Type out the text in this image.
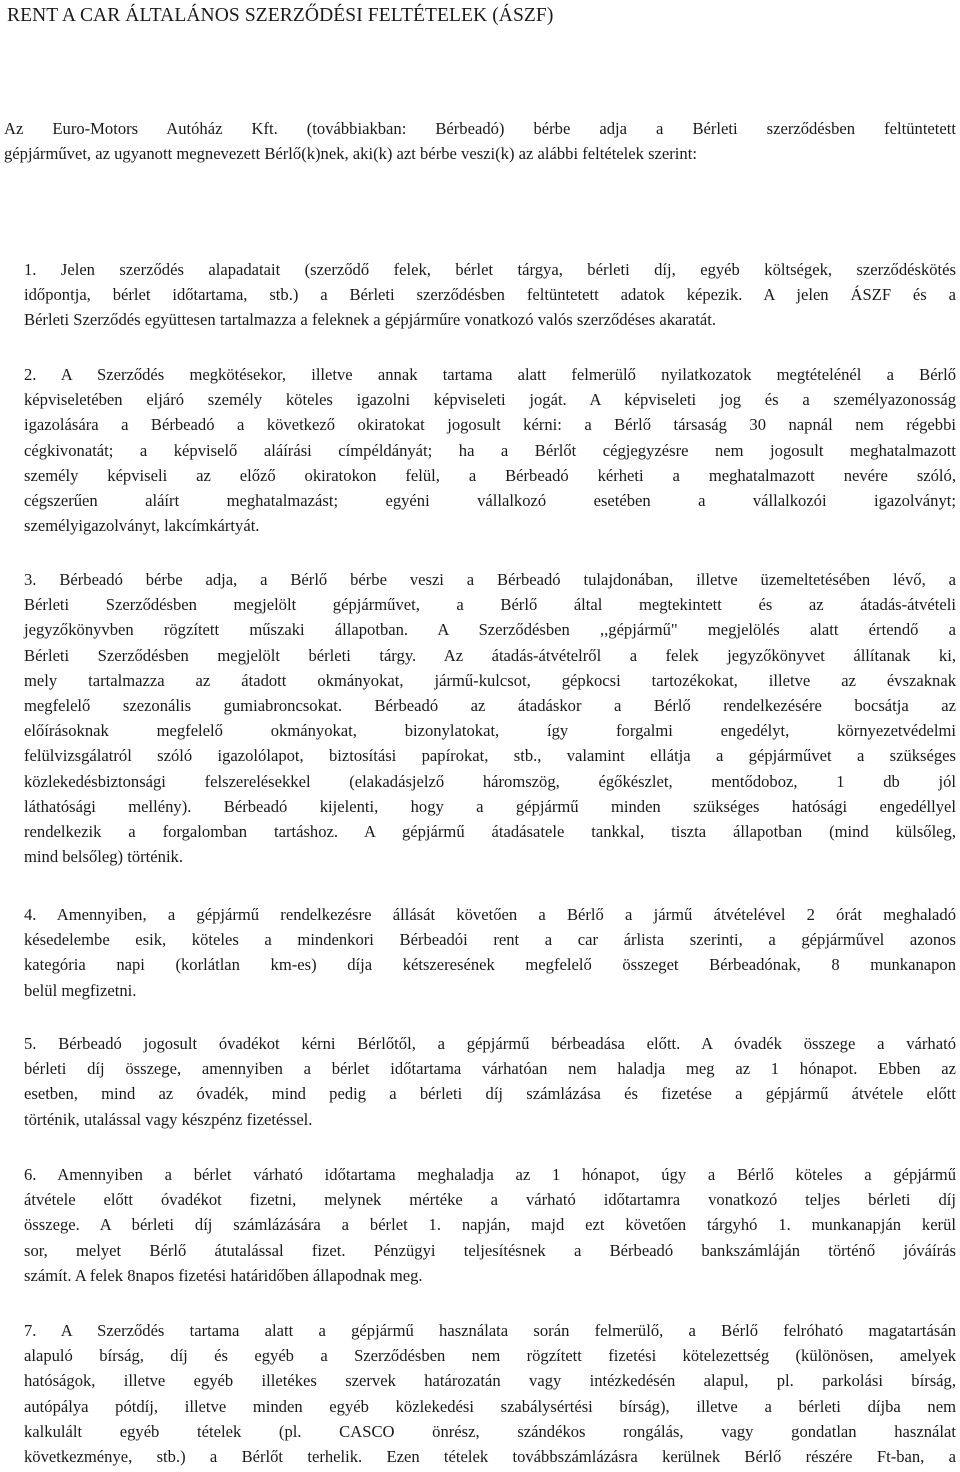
RENT A CAR ÁLTALÁNOS SZERZŐDÉSI FELTÉTELEK (ÁSZF)

Az Euro-Motors Autóház Kft. (továbbiakban: Bérbeadó) bérbe adja a Bérleti szerződésben feltüntetett
gépjárművet, az ugyanott megnevezett Bérlő(k)nek, aki(k) azt bérbe veszi(k) az alábbi feltételek szerint:

1. Jelen szerződés alapadatait (szerződő felek, bérlet tárgya, bérleti díj, egyéb költségek, szerződéskötés
időpontja, bérlet időtartama, stb.) a Bérleti szerződésben feltüntetett adatok képezik. A jelen ÁSZF és a
Bérleti Szerződés együttesen tartalmazza a feleknek a gépjárműre vonatkozó valós szerződéses akaratát.

2. A Szerződés megkötésekor, illetve annak tartama alatt felmerülő nyilatkozatok megtételénél a Bérlő
képviseletében eljáró személy köteles igazolni képviseleti jogát. A képviseleti jog és a személyazonosság
igazolására a Bérbeadó a következő okiratokat jogosult kérni: a Bérlő társaság 30 napnál nem régebbi
cégkivonatát; a képviselő aláírási címpéldányát; ha a Bérlőt cégjegyzésre nem jogosult meghatalmazott
személy képviseli az előző okiratokon felül, a Bérbeadó kérheti a meghatalmazott nevére szóló,
cégszerűen aláírt meghatalmazást; egyéni vállalkozó esetében a vállalkozói igazolványt;
személyigazolványt, lakcímkártyát.

3. Bérbeadó bérbe adja, a Bérlő bérbe veszi a Bérbeadó tulajdonában, illetve üzemeltetésében lévő, a
Bérleti Szerződésben megjelölt gépjárművet, a Bérlő által megtekintett és az átadás-átvételi
jegyzőkönyvben rögzített műszaki állapotban. A Szerződésben ,,gépjármű" megjelölés alatt értendő a
Bérleti Szerződésben megjelölt bérleti tárgy. Az átadás-átvételről a felek jegyzőkönyvet állítanak ki,
mely tartalmazza az átadott okmányokat, jármű-kulcsot, gépkocsi tartozékokat, illetve az évszaknak
megfelelő szezonális gumiabroncsokat. Bérbeadó az átadáskor a Bérlő rendelkezésére bocsátja az
előírásoknak megfelelő okmányokat, bizonylatokat, így forgalmi engedélyt, környezetvédelmi
felülvizsgálatról szóló igazolólapot, biztosítási papírokat, stb., valamint ellátja a gépjárművet a szükséges
közlekedésbiztonsági felszerelésekkel (elakadásjelző háromszög, égőkészlet, mentődoboz, 1 db jól
láthatósági mellény). Bérbeadó kijelenti, hogy a gépjármű minden szükséges hatósági engedéllyel
rendelkezik a forgalomban tartáshoz. A gépjármű átadásatele tankkal, tiszta állapotban (mind külsőleg,
mind belsőleg) történik.

4. Amennyiben, a gépjármű rendelkezésre állását követően a Bérlő a jármű átvételével 2 órát meghaladó
késedelembe esik, köteles a mindenkori Bérbeadói rent a car árlista szerinti, a gépjárművel azonos
kategória napi (korlátlan km-es) díja kétszeresének megfelelő összeget Bérbeadónak, 8 munkanapon
belül megfizetni.

5. Bérbeadó jogosult óvadékot kérni Bérlőtől, a gépjármű bérbeadása előtt. A óvadék összege a várható
bérleti díj összege, amennyiben a bérlet időtartama várhatóan nem haladja meg az 1 hónapot. Ebben az
esetben, mind az óvadék, mind pedig a bérleti díj számlázása és fizetése a gépjármű átvétele előtt
történik, utalással vagy készpénz fizetéssel.

6. Amennyiben a bérlet várható időtartama meghaladja az 1 hónapot, úgy a Bérlő köteles a gépjármű
átvétele előtt óvadékot fizetni, melynek mértéke a várható időtartamra vonatkozó teljes bérleti díj
összege. A bérleti díj számlázására a bérlet 1. napján, majd ezt követően tárgyhó 1. munkanapján kerül
sor, melyet Bérlő átutalással fizet. Pénzügyi teljesítésnek a Bérbeadó bankszámláján történő jóváírás
számít. A felek 8napos fizetési határidőben állapodnak meg.

7. A Szerződés tartama alatt a gépjármű használata során felmerülő, a Bérlő felróható magatartásán
alapuló bírság, díj és egyéb a Szerződésben nem rögzített fizetési kötelezettség (különösen, amelyek
hatóságok, illetve egyéb illetékes szervek határozatán vagy intézkedésén alapul, pl. parkolási bírság,
autópálya pótdíj, illetve minden egyéb közlekedési szabálysértési bírság), illetve a bérleti díjba nem
kalkulált egyéb tételek (pl. CASCO önrész, szándékos rongálás, vagy gondatlan használat
következménye, stb.) a Bérlőt terhelik. Ezen tételek továbbszámlázásra kerülnek Bérlő részére Ft-ban, a
